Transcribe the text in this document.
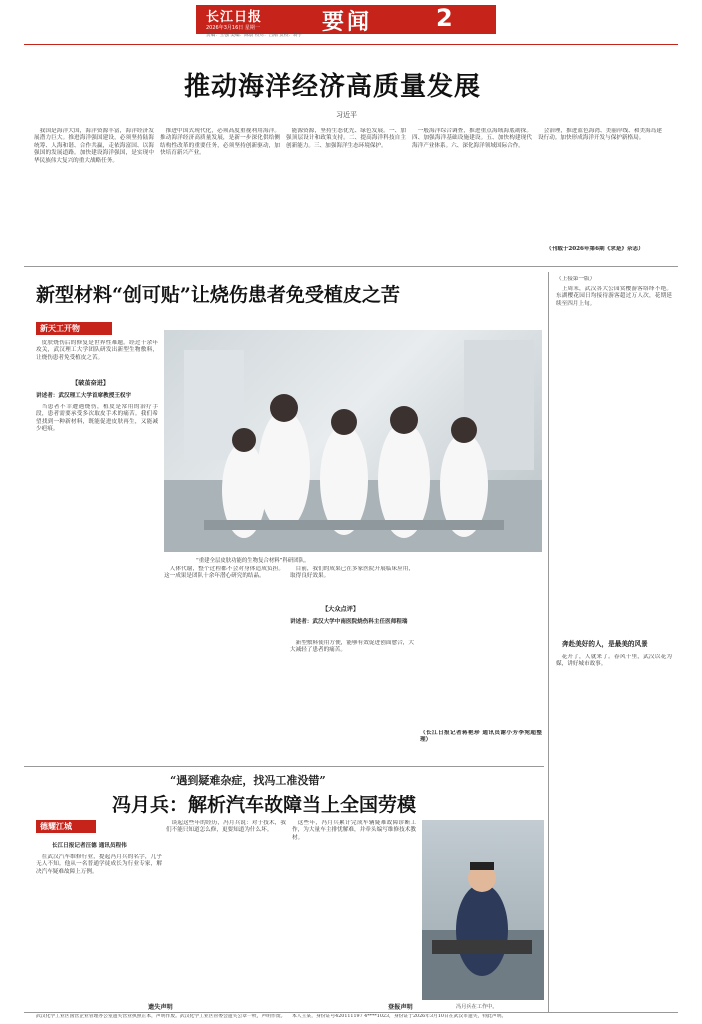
长江日报
2026年3月16日 星期一
责编：王强 美编：陈晨 校对：吕刚 责校：蒋子
要闻	2
推动海洋经济高质量发展
习近平

我国是海洋大国，海洋资源丰富，海洋经济发展潜力巨大。推进海洋强国建设，必须坚持陆海统筹、人海和谐、合作共赢，走依海富国、以海强国的发展道路。加快建设海洋强国，是实现中华民族伟大复兴的重大战略任务。

推进中国式现代化，必须高度重视利用海洋。推动海洋经济高质量发展，是新一步深化供给侧结构性改革的重要任务，必须坚持创新驱动，加快培育新兴产业。

能源资源，坚持生态优先、绿色发展。一、加强顶层设计和政策支持。二、提高海洋科技自主创新能力。三、加强海洋生态环境保护。

一般海洋综合调查，推进重点海域海底勘探。四、加强海洋基础设施建设。五、加快构建现代海洋产业体系。六、深化海洋领域国际合作。

会治理，推进蓝色海湾、美丽岸线、和美海岛建设行动。加快形成海洋开发与保护新格局。

（刊载于2026年第6期《求是》杂志）
新型材料“创可贴”让烧伤患者免受植皮之苦
新天工开物

皮肤烧伤后的修复是世界性难题。经过十余年攻关，武汉理工大学团队研发出新型生物敷料，让烧伤患者免受植皮之苦。

【破茧奋进】
讲述者：武汉理工大学首席教授王权宇

当患者不幸遭遇烧伤，植皮是常用的治疗手段，患者需要承受多次取皮手术的痛苦。我们希望找到一种新材料，既能促进皮肤再生，又能减少疤痕。

“重建全层皮肤功能的生物复合材料”科研团队。

人体代谢，整个过程都不会对身体造成负担。这一成果是团队十余年潜心研究的结晶。

目前，我们的成果已在多家医院开展临床应用，取得良好效果。

【大众点评】
讲述者：武汉大学中南医院烧伤科主任医师程瑞

新型敷料使用方便，能够有效促进创面愈合，大大减轻了患者的痛苦。

（长江日报记者蒋艳珍 通讯员谢小芳李宛超整理）
（上接第一版）

上周末，武汉各大公园赏樱游客络绎不绝。东湖樱花园日均接待游客超过万人次，花期延续至四月上旬。

奔赴美好的人，是最美的风景

花开了，人就来了。春风十里，武汉以花为媒，讲好城市故事。

“遇到疑难杂症，找冯工准没错”
冯月兵：解析汽车故障当上全国劳模
德耀江城
长江日报记者汪德 通讯员程伟

在武汉汽车维修行业，提起冯月兵的名字，几乎无人不知。他从一名普通学徒成长为行业专家，解决汽车疑难故障上万例。

谈起这些年的经历，冯月兵说：对于技术，我们不能只知道怎么修，更要知道为什么坏。

这些年，冯月兵累计完成车辆疑难故障诊断工作，为大量车主排忧解难，并牵头编写维修技术教材。

冯月兵在工作中。
遗失声明
武汉化学工业区国营企业管理办公室遗失营业执照正本，声明作废。武汉化学工业区管委会遗失公章一枚，声明作废。
登报声明
本人王某，身份证号420111197 4****1023，身份证于2026年3月10日在武汉市遗失，特此声明。
